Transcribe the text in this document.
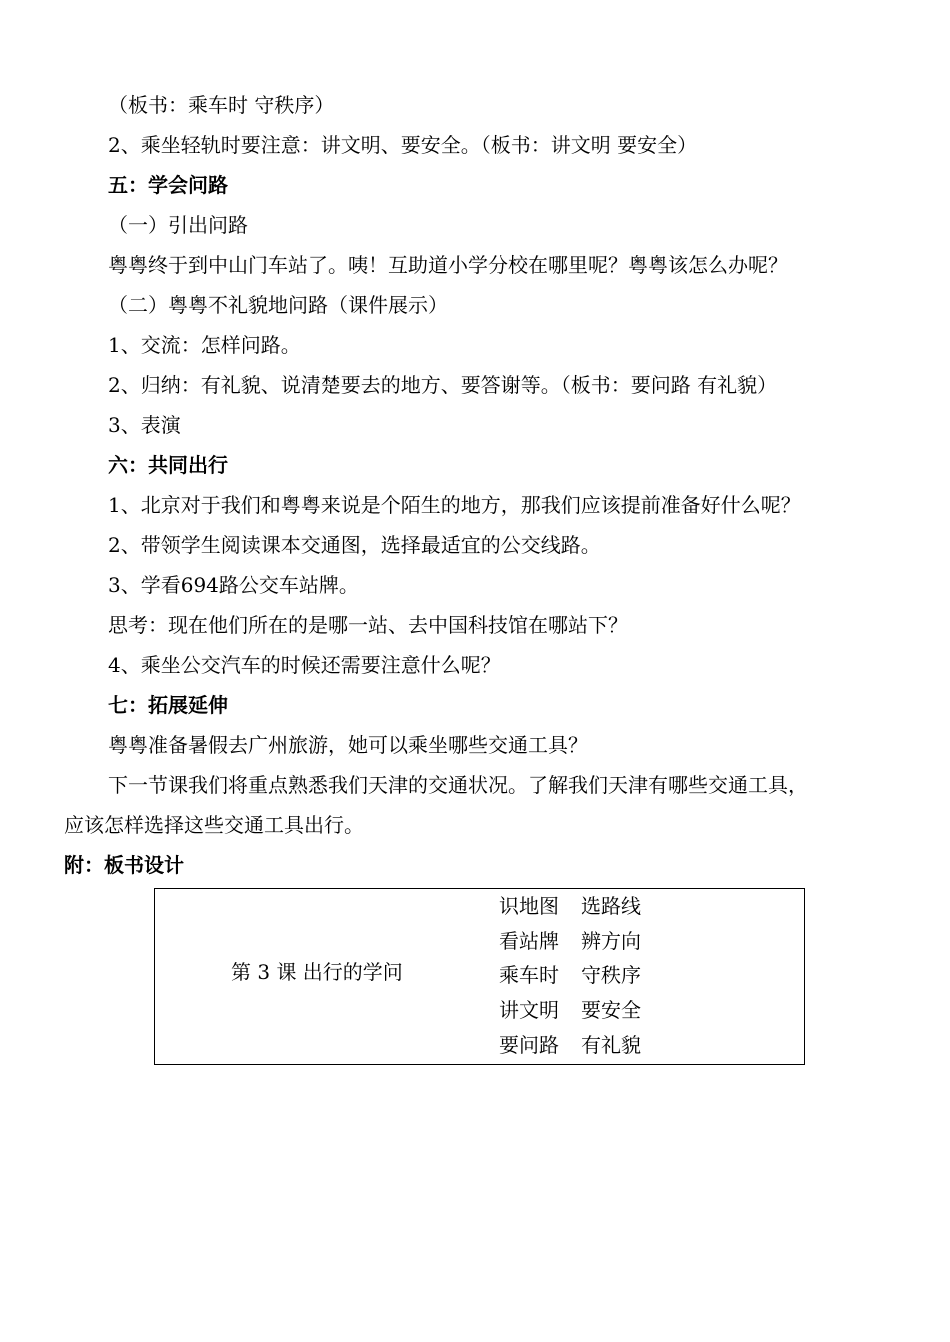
（板书：乘车时 守秩序）
2、乘坐轻轨时要注意：讲文明、要安全。（板书：讲文明 要安全）
五：学会问路
（一）引出问路
粤粤终于到中山门车站了。咦！互助道小学分校在哪里呢？粤粤该怎么办呢？
（二）粤粤不礼貌地问路（课件展示）
1、交流：怎样问路。
2、归纳：有礼貌、说清楚要去的地方、要答谢等。（板书：要问路 有礼貌）
3、表演
六：共同出行
1、北京对于我们和粤粤来说是个陌生的地方，那我们应该提前准备好什么呢？
2、带领学生阅读课本交通图，选择最适宜的公交线路。
3、学看694路公交车站牌。
思考：现在他们所在的是哪一站、去中国科技馆在哪站下？
4、乘坐公交汽车的时候还需要注意什么呢？
七：拓展延伸
粤粤准备暑假去广州旅游，她可以乘坐哪些交通工具？
下一节课我们将重点熟悉我们天津的交通状况。了解我们天津有哪些交通工具，
应该怎样选择这些交通工具出行。
附：板书设计
第 3 课 出行的学问
识地图 选路线
看站牌 辨方向
乘车时 守秩序
讲文明 要安全
要问路 有礼貌
